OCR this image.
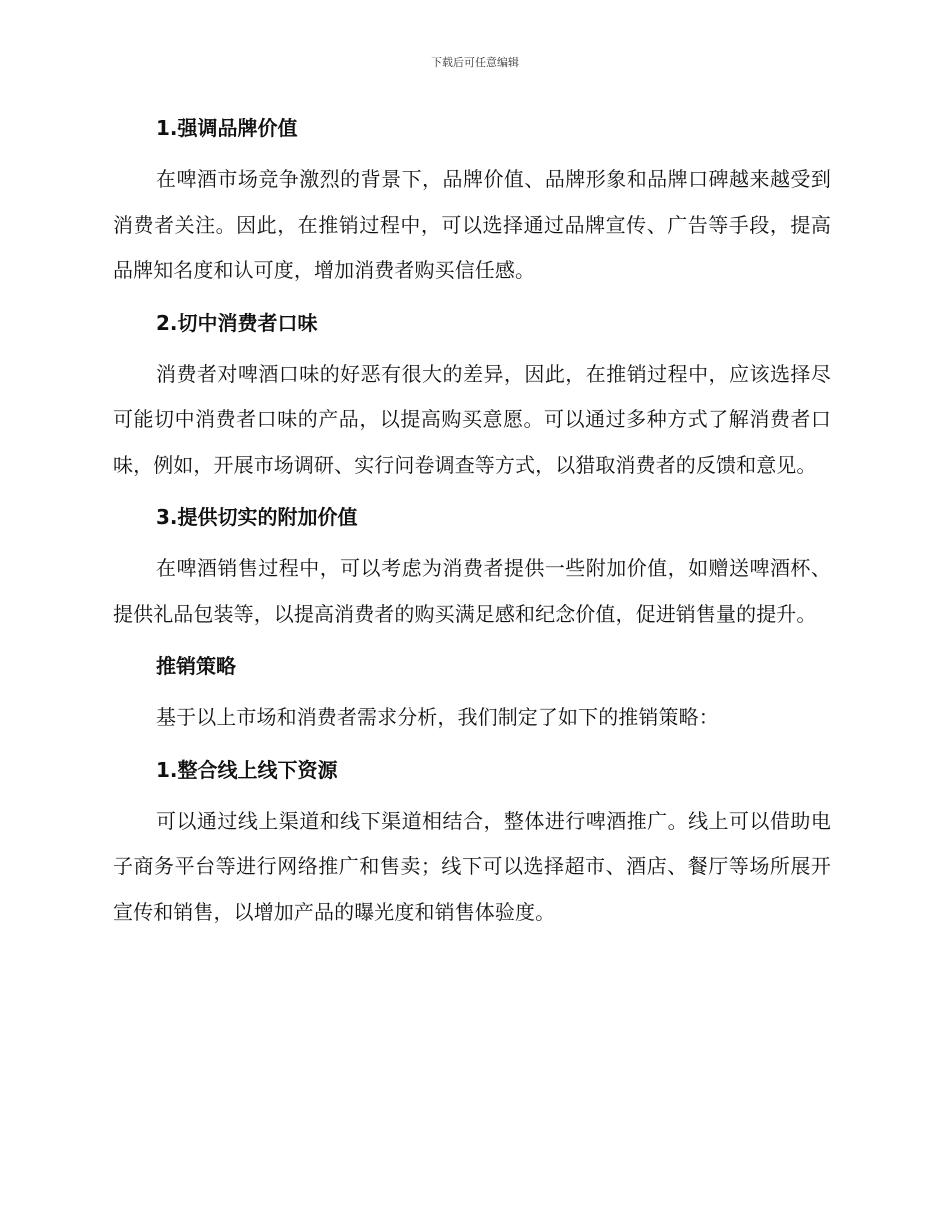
下载后可任意编辑
1.强调品牌价值

在啤酒市场竞争激烈的背景下，品牌价值、品牌形象和品牌口碑越来越受到消费者关注。因此，在推销过程中，可以选择通过品牌宣传、广告等手段，提高品牌知名度和认可度，增加消费者购买信任感。

2.切中消费者口味

消费者对啤酒口味的好恶有很大的差异，因此，在推销过程中，应该选择尽可能切中消费者口味的产品，以提高购买意愿。可以通过多种方式了解消费者口味，例如，开展市场调研、实行问卷调查等方式，以猎取消费者的反馈和意见。

3.提供切实的附加价值

在啤酒销售过程中，可以考虑为消费者提供一些附加价值，如赠送啤酒杯、提供礼品包装等，以提高消费者的购买满足感和纪念价值，促进销售量的提升。

推销策略

基于以上市场和消费者需求分析，我们制定了如下的推销策略：

1.整合线上线下资源

可以通过线上渠道和线下渠道相结合，整体进行啤酒推广。线上可以借助电子商务平台等进行网络推广和售卖；线下可以选择超市、酒店、餐厅等场所展开宣传和销售，以增加产品的曝光度和销售体验度。
